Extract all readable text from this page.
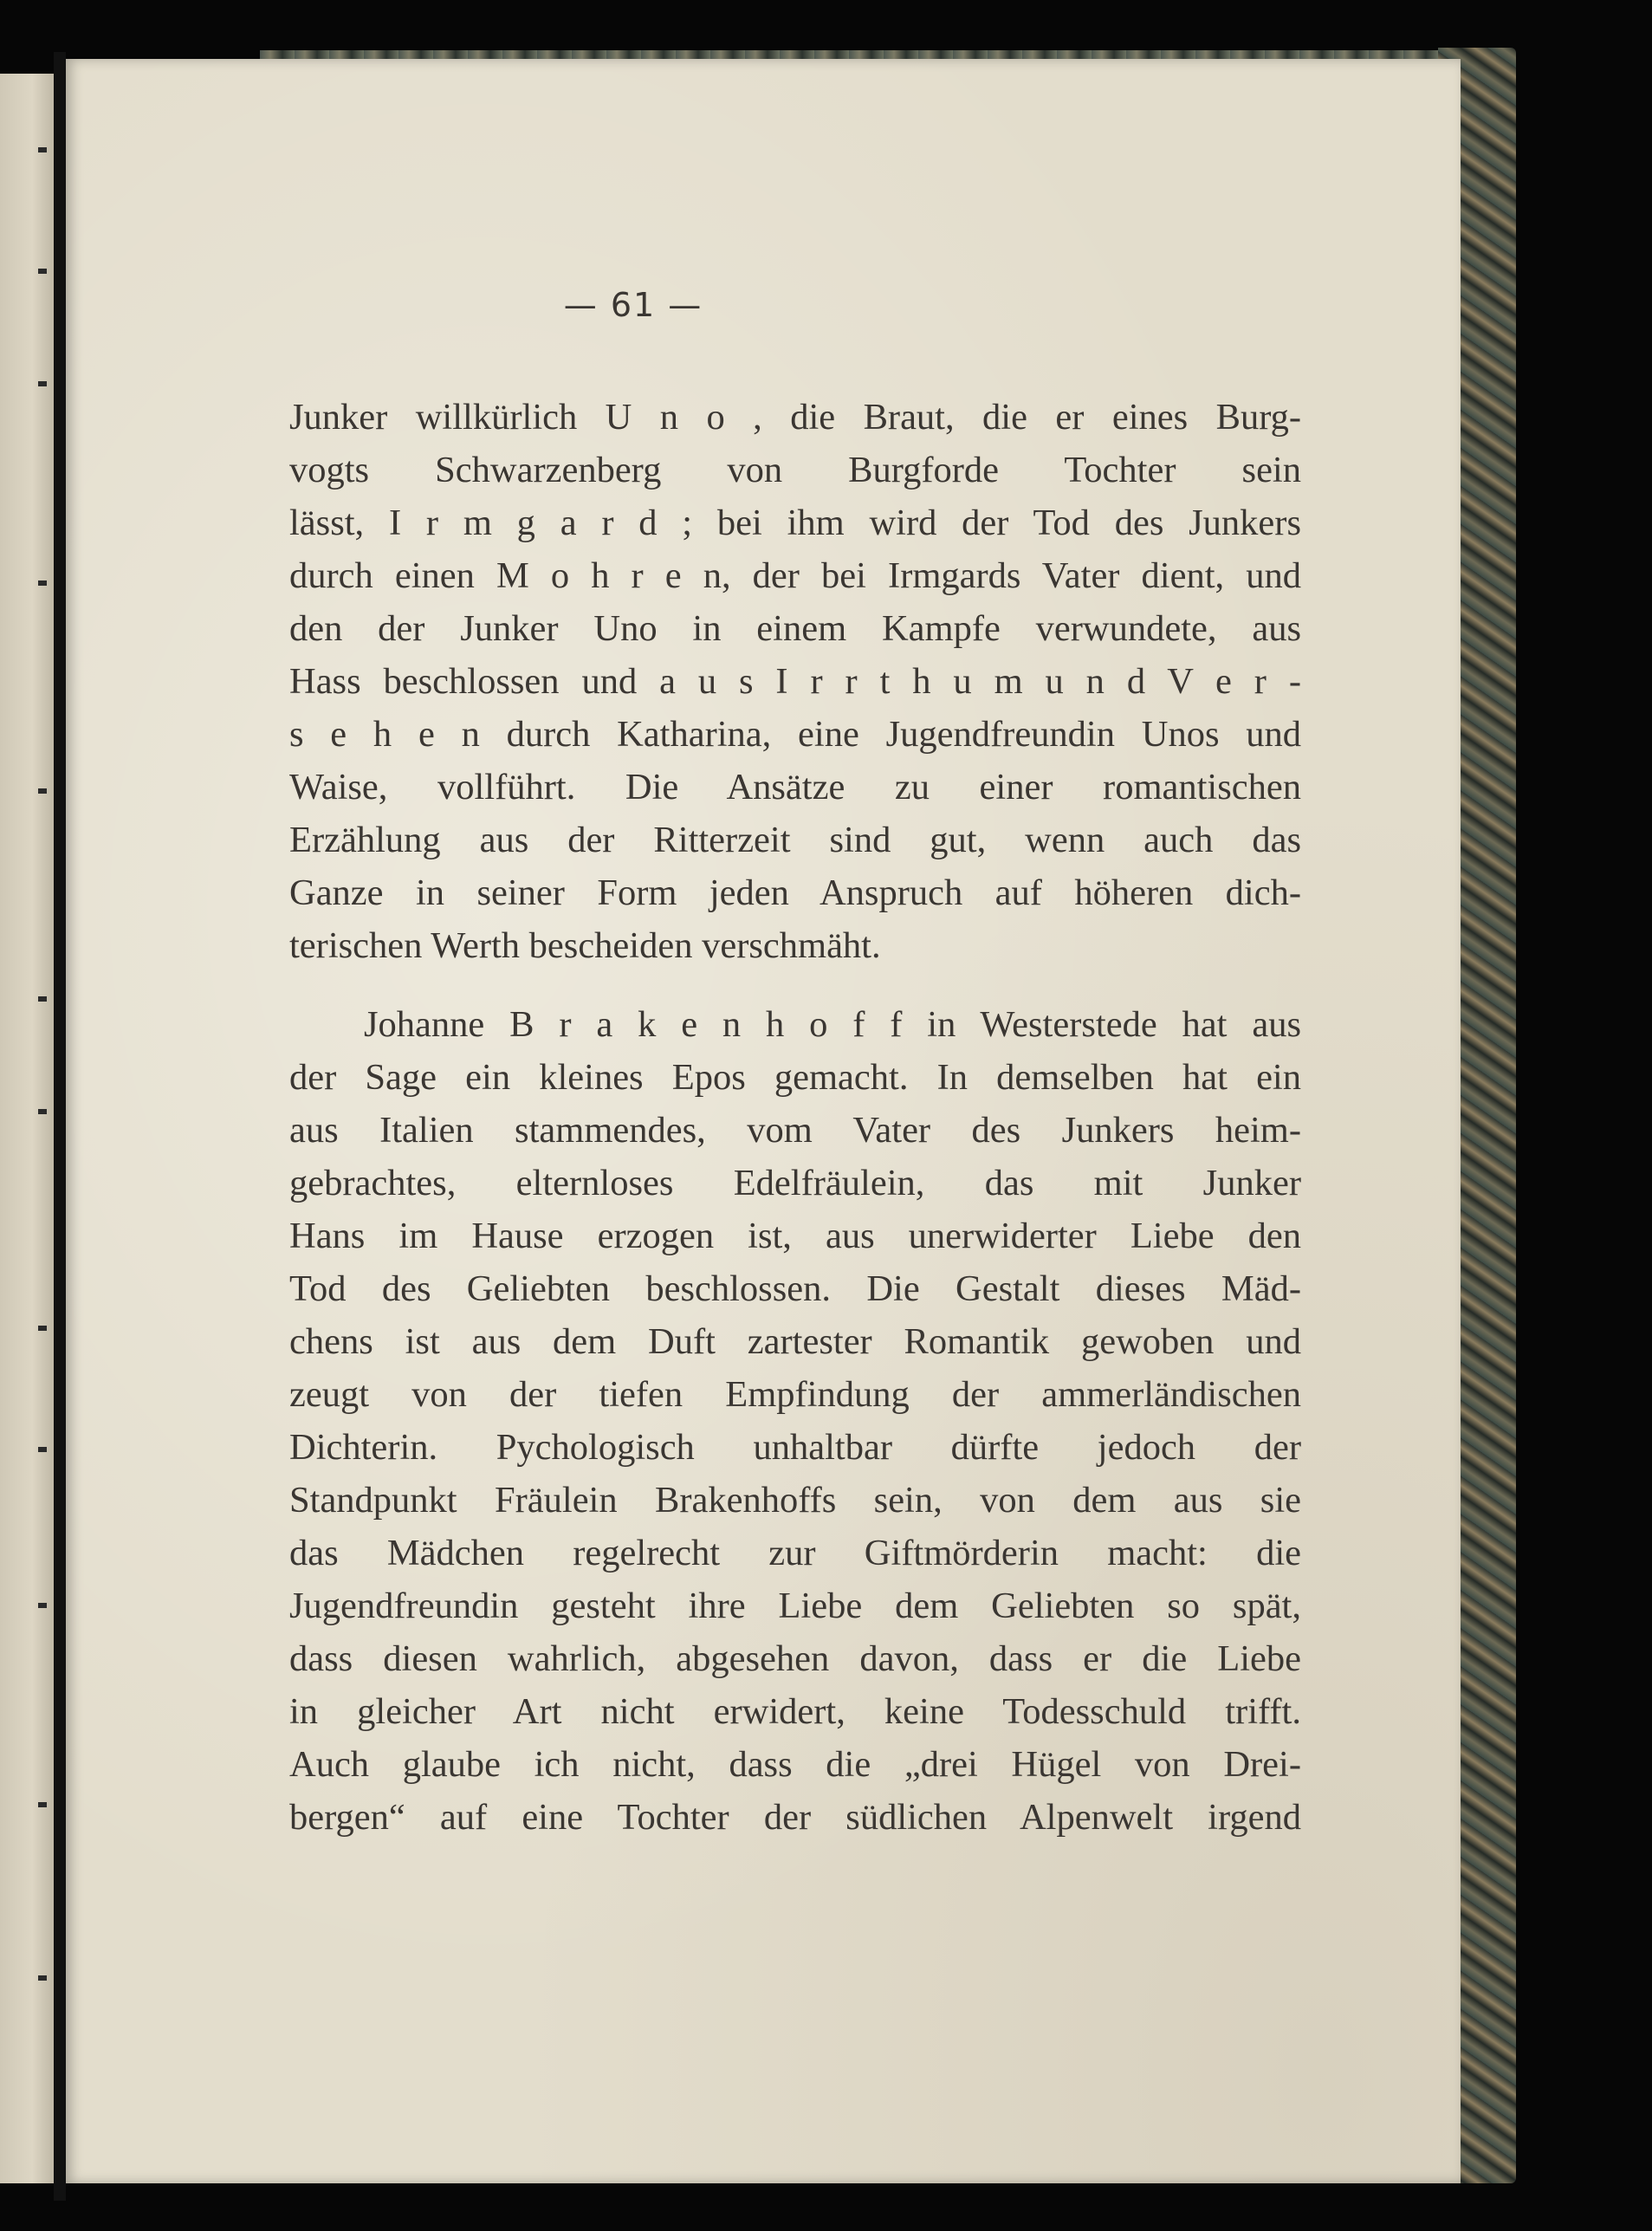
— 61 —
Junker willkürlich U n o , die Braut, die er eines Burg-
vogts Schwarzenberg von Burgforde Tochter sein
lässt, I r m g a r d ; bei ihm wird der Tod des Junkers
durch einen M o h r e n, der bei Irmgards Vater dient, und
den der Junker Uno in einem Kampfe verwundete, aus
Hass beschlossen und a u s I r r t h u m u n d V e r -
s e h e n durch Katharina, eine Jugendfreundin Unos und
Waise, vollführt. Die Ansätze zu einer romantischen
Erzählung aus der Ritterzeit sind gut, wenn auch das
Ganze in seiner Form jeden Anspruch auf höheren dich-
terischen Werth bescheiden verschmäht.
Johanne B r a k e n h o f f in Westerstede hat aus
der Sage ein kleines Epos gemacht. In demselben hat ein
aus Italien stammendes, vom Vater des Junkers heim-
gebrachtes, elternloses Edelfräulein, das mit Junker
Hans im Hause erzogen ist, aus unerwiderter Liebe den
Tod des Geliebten beschlossen. Die Gestalt dieses Mäd-
chens ist aus dem Duft zartester Romantik gewoben und
zeugt von der tiefen Empfindung der ammerländischen
Dichterin. Pychologisch unhaltbar dürfte jedoch der
Standpunkt Fräulein Brakenhoffs sein, von dem aus sie
das Mädchen regelrecht zur Giftmörderin macht: die
Jugendfreundin gesteht ihre Liebe dem Geliebten so spät,
dass diesen wahrlich, abgesehen davon, dass er die Liebe
in gleicher Art nicht erwidert, keine Todesschuld trifft.
Auch glaube ich nicht, dass die „drei Hügel von Drei-
bergen“ auf eine Tochter der südlichen Alpenwelt irgend
